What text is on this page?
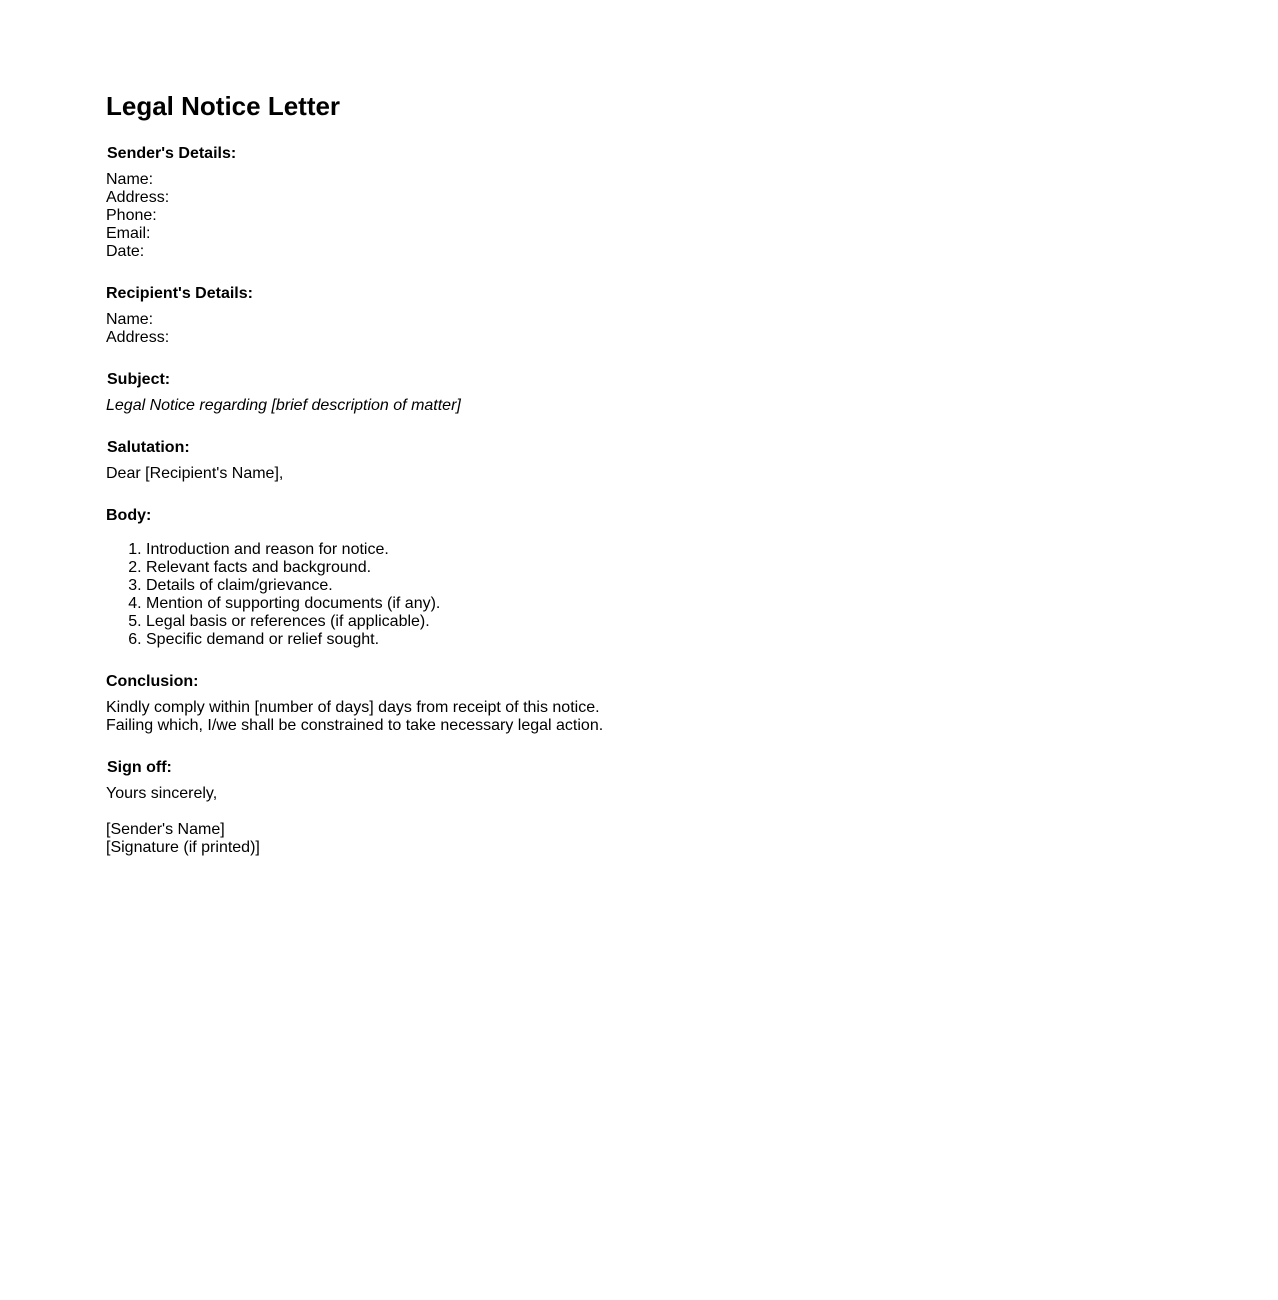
Legal Notice Letter
Sender's Details:
Name:
Address:
Phone:
Email:
Date:
Recipient's Details:
Name:
Address:
Subject:
Legal Notice regarding [brief description of matter]
Salutation:
Dear [Recipient's Name],
Body:
1. Introduction and reason for notice.
2. Relevant facts and background.
3. Details of claim/grievance.
4. Mention of supporting documents (if any).
5. Legal basis or references (if applicable).
6. Specific demand or relief sought.
Conclusion:
Kindly comply within [number of days] days from receipt of this notice.
Failing which, I/we shall be constrained to take necessary legal action.
Sign off:
Yours sincerely,
[Sender's Name]
[Signature (if printed)]
